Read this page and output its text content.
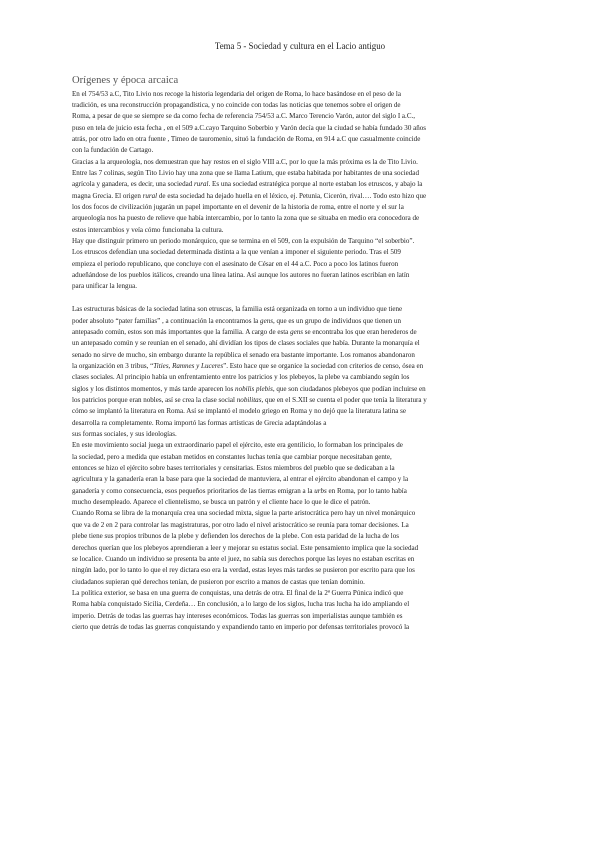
Tema 5 - Sociedad y cultura en el Lacio antiguo
Orígenes y época arcaica
En el 754/53 a.C, Tito Livio nos recoge la historia legendaria del origen de Roma, lo hace basándose en el peso de la
tradición, es una reconstrucción propagandística, y no coincide con todas las noticias que tenemos sobre el origen de
Roma, a pesar de que se siempre se da como fecha de referencia 754/53 a.C. Marco Terencio Varón, autor del siglo I a.C.,
puso en tela de juicio esta fecha , en el 509 a.C.cayo Tarquino Soberbio y Varón decía que la ciudad se había fundado 30 años
atrás, por otro lado en otra fuente , Timeo de tauromenio, situó la fundación de Roma, en 914 a.C que casualmente coincide
con la fundación de Cartago.
Gracias a la arqueología, nos demuestran que hay restos en el siglo VIII a.C, por lo que la más próxima es la de Tito Livio.
Entre las 7 colinas, según Tito Livio hay una zona que se llama Latium, que estaba habitada por habitantes de una sociedad
agrícola y ganadera, es decir, una sociedad rural. Es una sociedad estratégica porque al norte estaban los etruscos, y abajo la
magna Grecia. El origen rural de esta sociedad ha dejado huella en el léxico, ej. Petunia, Cicerón, rival…. Todo esto hizo que
los dos focos de civilización jugarán un papel importante en el devenir de la historia de roma, entre el norte y el sur la
arqueología nos ha puesto de relieve que había intercambio, por lo tanto la zona que se situaba en medio era conocedora de
estos intercambios y veía cómo funcionaba la cultura.
Hay que distinguir primero un periodo monárquico, que se termina en el 509, con la expulsión de Tarquino “el soberbio”.
Los etruscos defendían una sociedad determinada distinta a la que venían a imponer el siguiente periodo. Tras el 509
empieza el periodo republicano, que concluye con el asesinato de César en el 44 a.C. Poco a poco los latinos fueron
adueñándose de los pueblos itálicos, creando una línea latina. Así aunque los autores no fueran latinos escribían en latín
para unificar la lengua.
Las estructuras básicas de la sociedad latina son etruscas, la familia está organizada en torno a un individuo que tiene
poder absoluto “pater familias” , a continuación la encontramos la gens, que es un grupo de individuos que tienen un
antepasado común, estos son más importantes que la familia. A cargo de esta gens se encontraba los que eran herederos de
un antepasado común y se reunían en el senado, ahí dividían los tipos de clases sociales que había. Durante la monarquía el
senado no sirve de mucho, sin embargo durante la república el senado era bastante importante. Los romanos abandonaron
la organización en 3 tribus, “Tities, Ramnes y Luceres”. Esto hace que se organice la sociedad con criterios de censo, ósea en
clases sociales. Al principio había un enfrentamiento entre los patricios y los plebeyos, la plebe va cambiando según los
siglos y los distintos momentos, y más tarde aparecen los nobilis plebis, que son ciudadanos plebeyos que podían incluirse en
los patricios porque eran nobles, así se crea la clase social nobilitas, que en el S.XII se cuenta el poder que tenía la literatura y
cómo se implantó la literatura en Roma. Así se implantó el modelo griego en Roma y no dejó que la literatura latina se
desarrolla ra completamente. Roma importó las formas artísticas de Grecia adaptándolas a
sus formas sociales, y sus ideologías.
En este movimiento social juega un extraordinario papel el ejército, este era gentilicio, lo formaban los principales de
la sociedad, pero a medida que estaban metidos en constantes luchas tenía que cambiar porque necesitaban gente,
entonces se hizo el ejército sobre bases territoriales y censitarias. Estos miembros del pueblo que se dedicaban a la
agricultura y la ganadería eran la base para que la sociedad de mantuviera, al entrar el ejército abandonan el campo y la
ganadería y como consecuencia, esos pequeños prioritarios de las tierras emigran a la urbs en Roma, por lo tanto había
mucho desempleado. Aparece el clientelismo, se busca un patrón y el cliente hace lo que le dice el patrón.
Cuando Roma se libra de la monarquía crea una sociedad mixta, sigue la parte aristocrática pero hay un nivel monárquico
que va de 2 en 2 para controlar las magistraturas, por otro lado el nivel aristocrático se reunía para tomar decisiones. La
plebe tiene sus propios tribunos de la plebe y defienden los derechos de la plebe. Con esta paridad de la lucha de los
derechos querían que los plebeyos aprendieran a leer y mejorar su estatus social. Este pensamiento implica que la sociedad
se localice. Cuando un individuo se presenta ba ante el juez, no sabía sus derechos porque las leyes no estaban escritas en
ningún lado, por lo tanto lo que el rey dictara eso era la verdad, estas leyes más tardes se pusieron por escrito para que los
ciudadanos supieran qué derechos tenían, de pusieron por escrito a manos de castas que tenían dominio.
La política exterior, se basa en una guerra de conquistas, una detrás de otra. El final de la 2ª Guerra Púnica indicó que
Roma había conquistado Sicilia, Cerdeña… En conclusión, a lo largo de los siglos, lucha tras lucha ha ido ampliando el
imperio. Detrás de todas las guerras hay intereses económicos. Todas las guerras son imperialistas aunque también es
cierto que detrás de todas las guerras conquistando y expandiendo tanto en imperio por defensas territoriales provocó la
